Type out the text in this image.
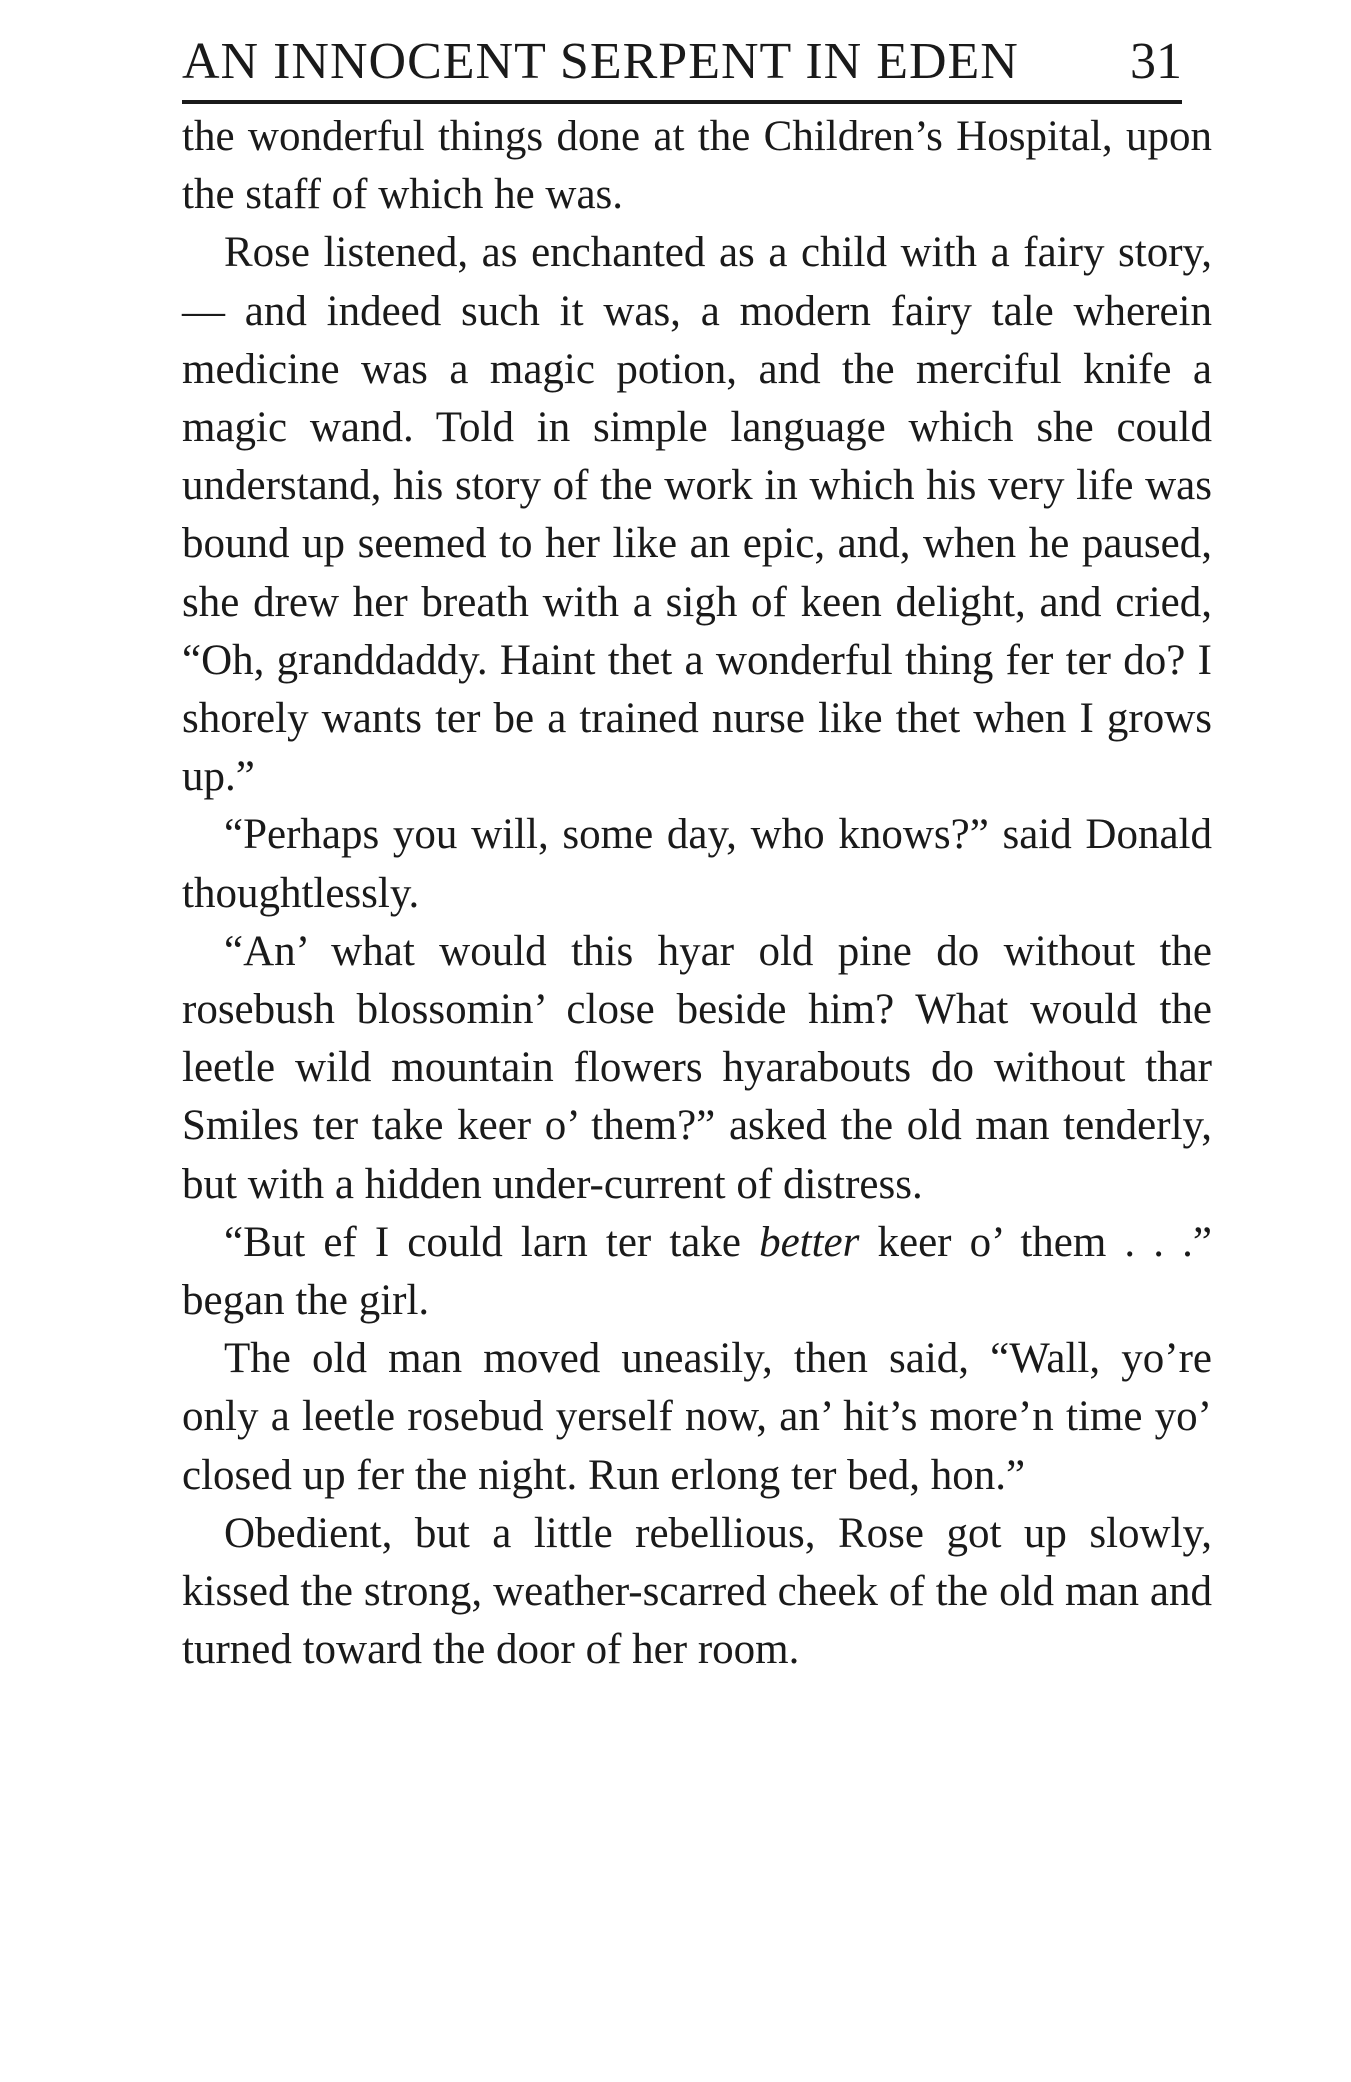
AN INNOCENT SERPENT IN EDEN 31

the wonderful things done at the Children’s Hospital, upon the staff of which he was.

Rose listened, as enchanted as a child with a fairy story, — and indeed such it was, a modern fairy tale wherein medicine was a magic potion, and the merciful knife a magic wand. Told in simple language which she could understand, his story of the work in which his very life was bound up seemed to her like an epic, and, when he paused, she drew her breath with a sigh of keen delight, and cried, “Oh, granddaddy. Haint thet a wonderful thing fer ter do? I shorely wants ter be a trained nurse like thet when I grows up.”

“Perhaps you will, some day, who knows?” said Donald thoughtlessly.

“An’ what would this hyar old pine do without the rosebush blossomin’ close beside him? What would the leetle wild mountain flowers hyarabouts do without thar Smiles ter take keer o’ them?” asked the old man tenderly, but with a hidden under-current of distress.

“But ef I could larn ter take better keer o’ them . . .” began the girl.

The old man moved uneasily, then said, “Wall, yo’re only a leetle rosebud yerself now, an’ hit’s more’n time yo’ closed up fer the night. Run erlong ter bed, hon.”

Obedient, but a little rebellious, Rose got up slowly, kissed the strong, weather-scarred cheek of the old man and turned toward the door of her room.
